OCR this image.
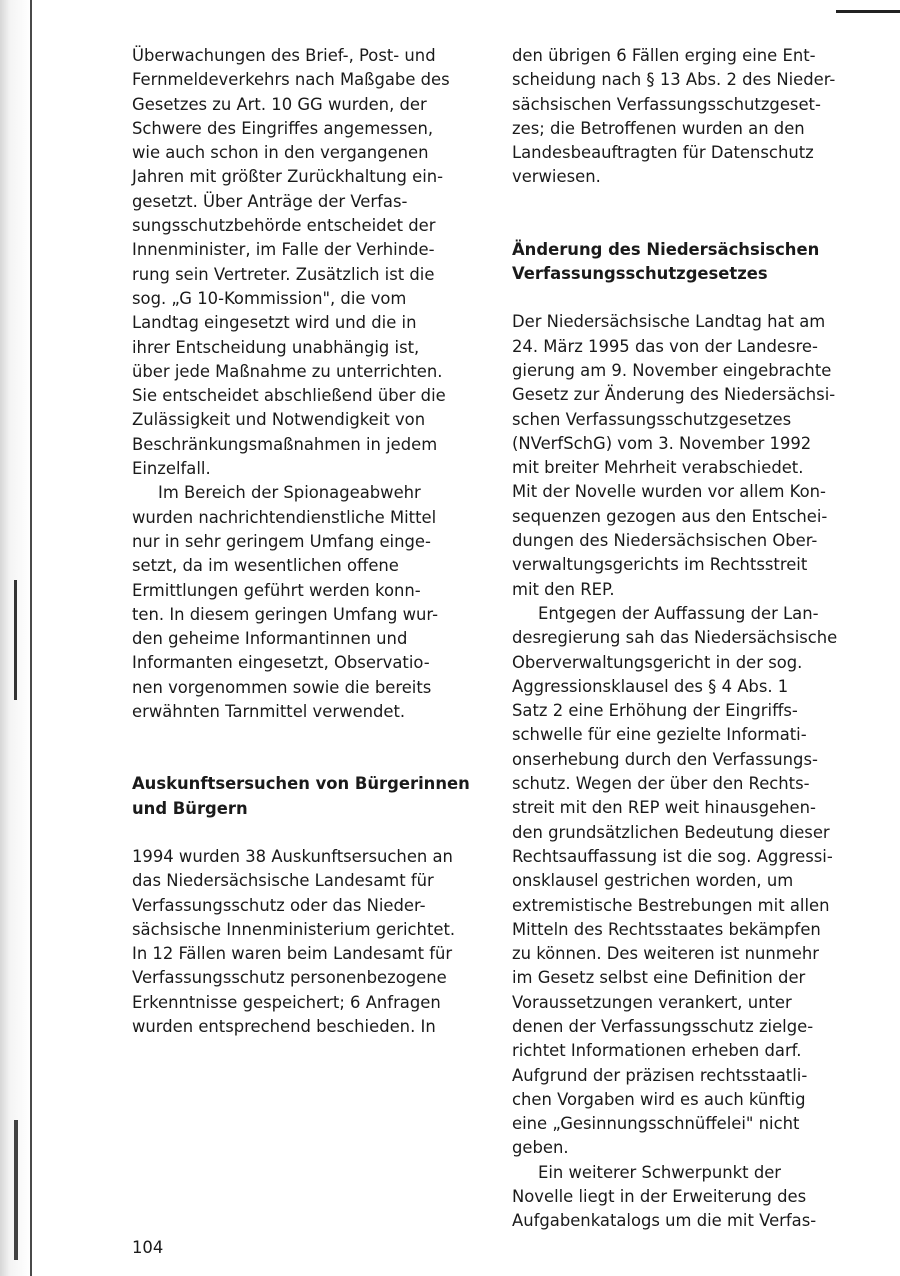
Überwachungen des Brief-, Post- und
Fernmeldeverkehrs nach Maßgabe des
Gesetzes zu Art. 10 GG wurden, der
Schwere des Eingriffes angemessen,
wie auch schon in den vergangenen
Jahren mit größter Zurückhaltung ein-
gesetzt. Über Anträge der Verfas-
sungsschutzbehörde entscheidet der
Innenminister, im Falle der Verhinde-
rung sein Vertreter. Zusätzlich ist die
sog. „G 10-Kommission", die vom
Landtag eingesetzt wird und die in
ihrer Entscheidung unabhängig ist,
über jede Maßnahme zu unterrichten.
Sie entscheidet abschließend über die
Zulässigkeit und Notwendigkeit von
Beschränkungsmaßnahmen in jedem
Einzelfall.
Im Bereich der Spionageabwehr
wurden nachrichtendienstliche Mittel
nur in sehr geringem Umfang einge-
setzt, da im wesentlichen offene
Ermittlungen geführt werden konn-
ten. In diesem geringen Umfang wur-
den geheime Informantinnen und
Informanten eingesetzt, Observatio-
nen vorgenommen sowie die bereits
erwähnten Tarnmittel verwendet.
Auskunftsersuchen von Bürgerinnen
und Bürgern
1994 wurden 38 Auskunftsersuchen an
das Niedersächsische Landesamt für
Verfassungsschutz oder das Nieder-
sächsische Innenministerium gerichtet.
In 12 Fällen waren beim Landesamt für
Verfassungsschutz personenbezogene
Erkenntnisse gespeichert; 6 Anfragen
wurden entsprechend beschieden. In
den übrigen 6 Fällen erging eine Ent-
scheidung nach § 13 Abs. 2 des Nieder-
sächsischen Verfassungsschutzgeset-
zes; die Betroffenen wurden an den
Landesbeauftragten für Datenschutz
verwiesen.
Änderung des Niedersächsischen
Verfassungsschutzgesetzes
Der Niedersächsische Landtag hat am
24. März 1995 das von der Landesre-
gierung am 9. November eingebrachte
Gesetz zur Änderung des Niedersächsi-
schen Verfassungsschutzgesetzes
(NVerfSchG) vom 3. November 1992
mit breiter Mehrheit verabschiedet.
Mit der Novelle wurden vor allem Kon-
sequenzen gezogen aus den Entschei-
dungen des Niedersächsischen Ober-
verwaltungsgerichts im Rechtsstreit
mit den REP.
Entgegen der Auffassung der Lan-
desregierung sah das Niedersächsische
Oberverwaltungsgericht in der sog.
Aggressionsklausel des § 4 Abs. 1
Satz 2 eine Erhöhung der Eingriffs-
schwelle für eine gezielte Informati-
onserhebung durch den Verfassungs-
schutz. Wegen der über den Rechts-
streit mit den REP weit hinausgehen-
den grundsätzlichen Bedeutung dieser
Rechtsauffassung ist die sog. Aggressi-
onsklausel gestrichen worden, um
extremistische Bestrebungen mit allen
Mitteln des Rechtsstaates bekämpfen
zu können. Des weiteren ist nunmehr
im Gesetz selbst eine Definition der
Voraussetzungen verankert, unter
denen der Verfassungsschutz zielge-
richtet Informationen erheben darf.
Aufgrund der präzisen rechtsstaatli-
chen Vorgaben wird es auch künftig
eine „Gesinnungsschnüffelei" nicht
geben.
Ein weiterer Schwerpunkt der
Novelle liegt in der Erweiterung des
Aufgabenkatalogs um die mit Verfas-
104
